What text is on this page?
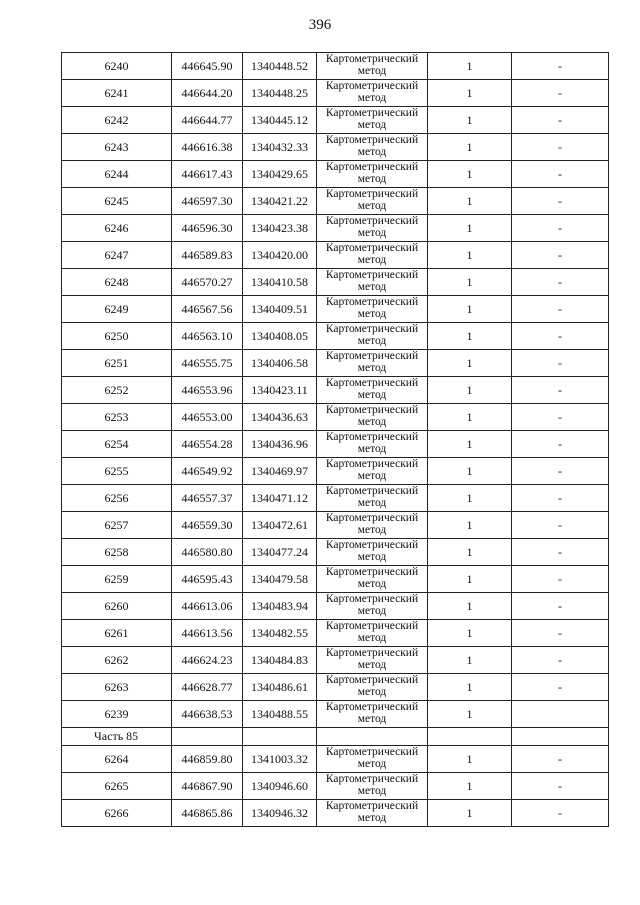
396
6240	446645.90	1340448.52	Картометрический
метод	1	-
6241	446644.20	1340448.25	Картометрический
метод	1	-
6242	446644.77	1340445.12	Картометрический
метод	1	-
6243	446616.38	1340432.33	Картометрический
метод	1	-
6244	446617.43	1340429.65	Картометрический
метод	1	-
6245	446597.30	1340421.22	Картометрический
метод	1	-
6246	446596.30	1340423.38	Картометрический
метод	1	-
6247	446589.83	1340420.00	Картометрический
метод	1	-
6248	446570.27	1340410.58	Картометрический
метод	1	-
6249	446567.56	1340409.51	Картометрический
метод	1	-
6250	446563.10	1340408.05	Картометрический
метод	1	-
6251	446555.75	1340406.58	Картометрический
метод	1	-
6252	446553.96	1340423.11	Картометрический
метод	1	-
6253	446553.00	1340436.63	Картометрический
метод	1	-
6254	446554.28	1340436.96	Картометрический
метод	1	-
6255	446549.92	1340469.97	Картометрический
метод	1	-
6256	446557.37	1340471.12	Картометрический
метод	1	-
6257	446559.30	1340472.61	Картометрический
метод	1	-
6258	446580.80	1340477.24	Картометрический
метод	1	-
6259	446595.43	1340479.58	Картометрический
метод	1	-
6260	446613.06	1340483.94	Картометрический
метод	1	-
6261	446613.56	1340482.55	Картометрический
метод	1	-
6262	446624.23	1340484.83	Картометрический
метод	1	-
6263	446628.77	1340486.61	Картометрический
метод	1	-
6239	446638.53	1340488.55	Картометрический
метод	1	
Часть 85					
6264	446859.80	1341003.32	Картометрический
метод	1	-
6265	446867.90	1340946.60	Картометрический
метод	1	-
6266	446865.86	1340946.32	Картометрический
метод	1	-
